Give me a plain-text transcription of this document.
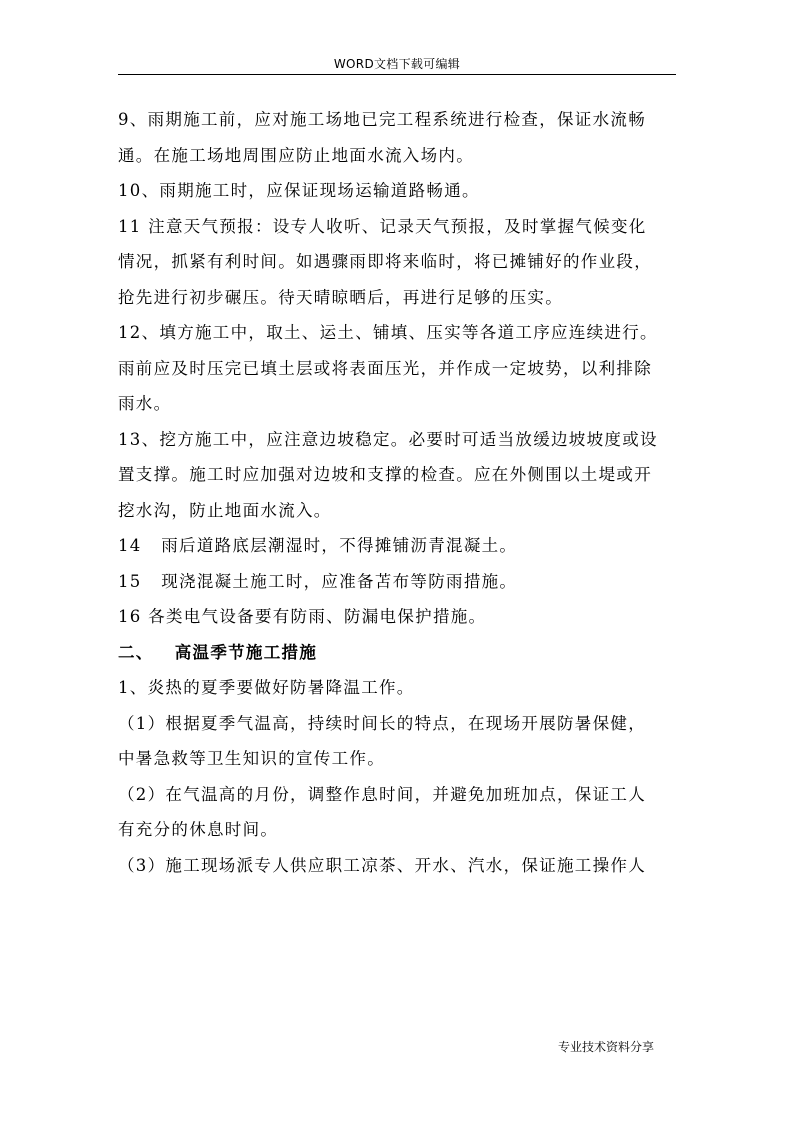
WORD文档下载可编辑

9、雨期施工前，应对施工场地已完工程系统进行检查，保证水流畅

通。在施工场地周围应防止地面水流入场内。

10、雨期施工时，应保证现场运输道路畅通。

11 注意天气预报：设专人收听、记录天气预报，及时掌握气候变化

情况，抓紧有利时间。如遇骤雨即将来临时，将已摊铺好的作业段，

抢先进行初步碾压。待天晴晾晒后，再进行足够的压实。

12、填方施工中，取土、运土、铺填、压实等各道工序应连续进行。

雨前应及时压完已填土层或将表面压光，并作成一定坡势，以利排除

雨水。

13、挖方施工中，应注意边坡稳定。必要时可适当放缓边坡坡度或设

置支撑。施工时应加强对边坡和支撑的检查。应在外侧围以土堤或开

挖水沟，防止地面水流入。

14   雨后道路底层潮湿时，不得摊铺沥青混凝土。

15   现浇混凝土施工时，应准备苫布等防雨措施。

16 各类电气设备要有防雨、防漏电保护措施。

二、   高温季节施工措施

1、炎热的夏季要做好防暑降温工作。

（1）根据夏季气温高，持续时间长的特点，在现场开展防暑保健，

中暑急救等卫生知识的宣传工作。

（2）在气温高的月份，调整作息时间，并避免加班加点，保证工人

有充分的休息时间。

（3）施工现场派专人供应职工凉茶、开水、汽水，保证施工操作人

专业技术资料分享
